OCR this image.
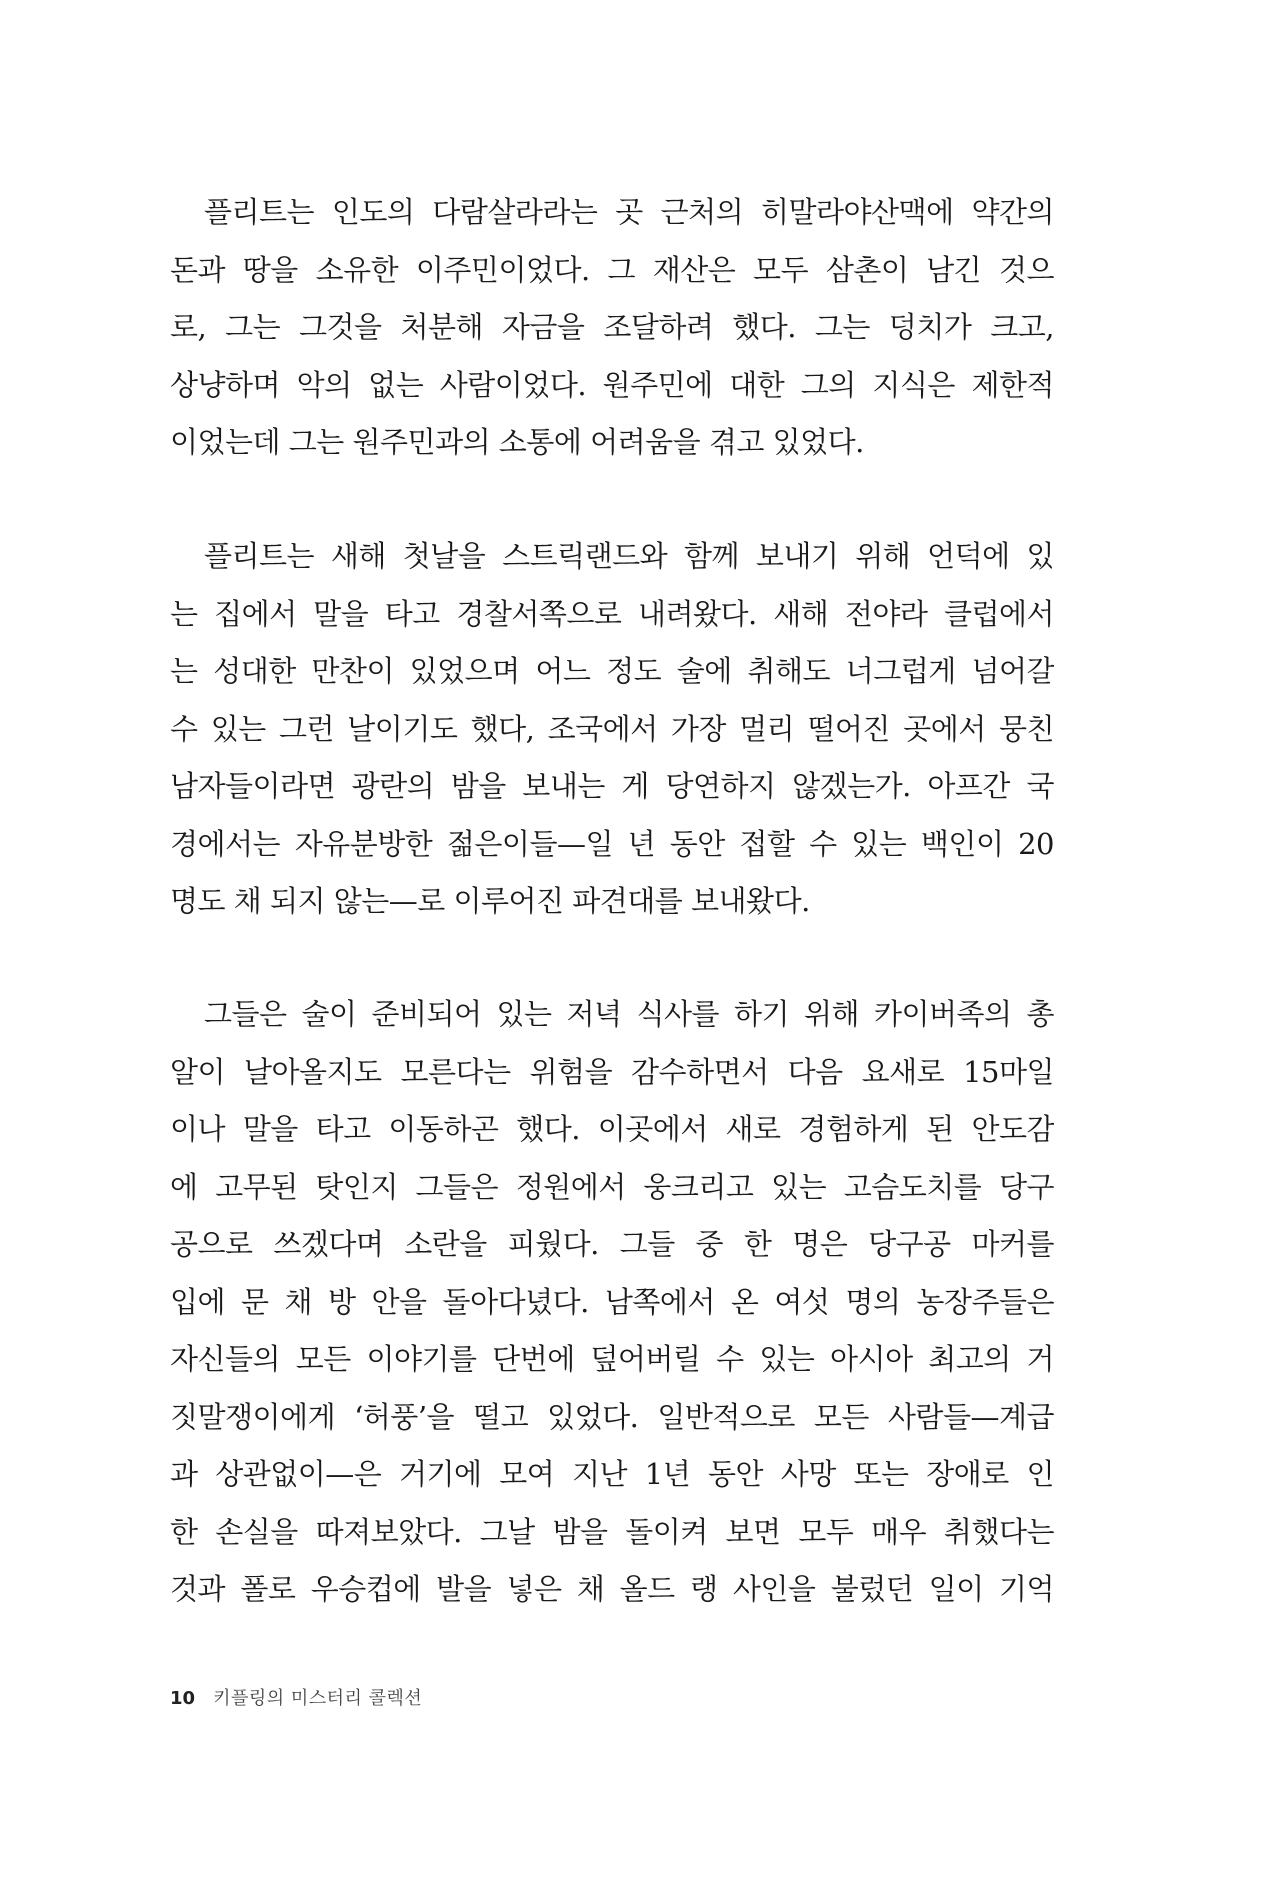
플리트는 인도의 다람살라라는 곳 근처의 히말라야산맥에 약간의
돈과 땅을 소유한 이주민이었다. 그 재산은 모두 삼촌이 남긴 것으
로, 그는 그것을 처분해 자금을 조달하려 했다. 그는 덩치가 크고,
상냥하며 악의 없는 사람이었다. 원주민에 대한 그의 지식은 제한적
이었는데 그는 원주민과의 소통에 어려움을 겪고 있었다.
플리트는 새해 첫날을 스트릭랜드와 함께 보내기 위해 언덕에 있
는 집에서 말을 타고 경찰서쪽으로 내려왔다. 새해 전야라 클럽에서
는 성대한 만찬이 있었으며 어느 정도 술에 취해도 너그럽게 넘어갈
수 있는 그런 날이기도 했다, 조국에서 가장 멀리 떨어진 곳에서 뭉친
남자들이라면 광란의 밤을 보내는 게 당연하지 않겠는가. 아프간 국
경에서는 자유분방한 젊은이들—일 년 동안 접할 수 있는 백인이 20
명도 채 되지 않는—로 이루어진 파견대를 보내왔다.
그들은 술이 준비되어 있는 저녁 식사를 하기 위해 카이버족의 총
알이 날아올지도 모른다는 위험을 감수하면서 다음 요새로 15마일
이나 말을 타고 이동하곤 했다. 이곳에서 새로 경험하게 된 안도감
에 고무된 탓인지 그들은 정원에서 웅크리고 있는 고슴도치를 당구
공으로 쓰겠다며 소란을 피웠다. 그들 중 한 명은 당구공 마커를
입에 문 채 방 안을 돌아다녔다. 남쪽에서 온 여섯 명의 농장주들은
자신들의 모든 이야기를 단번에 덮어버릴 수 있는 아시아 최고의 거
짓말쟁이에게 ‘허풍’을 떨고 있었다. 일반적으로 모든 사람들—계급
과 상관없이—은 거기에 모여 지난 1년 동안 사망 또는 장애로 인
한 손실을 따져보았다. 그날 밤을 돌이켜 보면 모두 매우 취했다는
것과 폴로 우승컵에 발을 넣은 채 올드 랭 사인을 불렀던 일이 기억
10 키플링의 미스터리 콜렉션
